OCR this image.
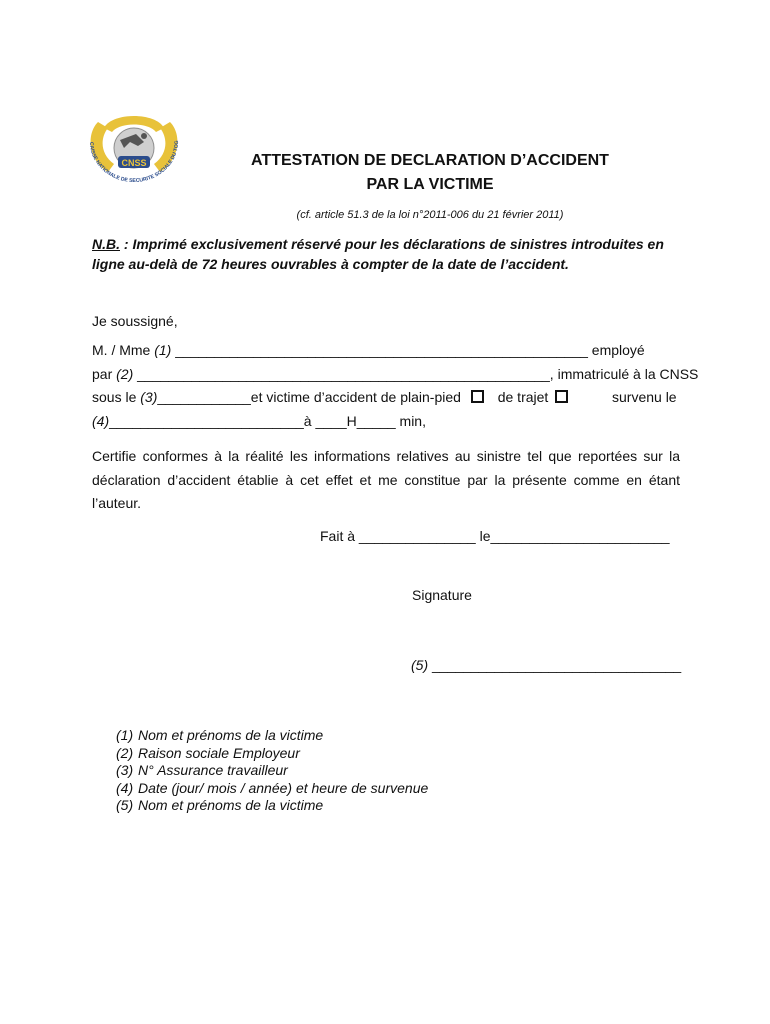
CNSS
CAISSE NATIONALE DE SECURITE SOCIALE DU TOG
ATTESTATION DE DECLARATION D’ACCIDENT
PAR LA VICTIME
(cf. article 51.3 de la loi n°2011-006 du 21 février 2011)
N.B. : Imprimé exclusivement réservé pour les déclarations de sinistres introduites en
ligne au-delà de 72 heures ouvrables à compter de la date de l’accident.
Je soussigné,
M. / Mme (1) _____________________________________________________ employé
par (2) _____________________________________________________, immatriculé à la CNSS
sous le (3)____________et victime d’accident de plain-pied	de trajet	survenu le
(4)_________________________à ____H_____ min,
Certifie conformes à la réalité les informations relatives au sinistre tel que reportées sur la
déclaration d’accident établie à cet effet et me constitue par la présente comme en étant
l’auteur.
Fait à _______________ le_______________________
Signature
(5) ________________________________
(1) Nom et prénoms de la victime
(2) Raison sociale Employeur
(3) N° Assurance travailleur
(4) Date (jour/ mois / année) et heure de survenue
(5) Nom et prénoms de la victime
